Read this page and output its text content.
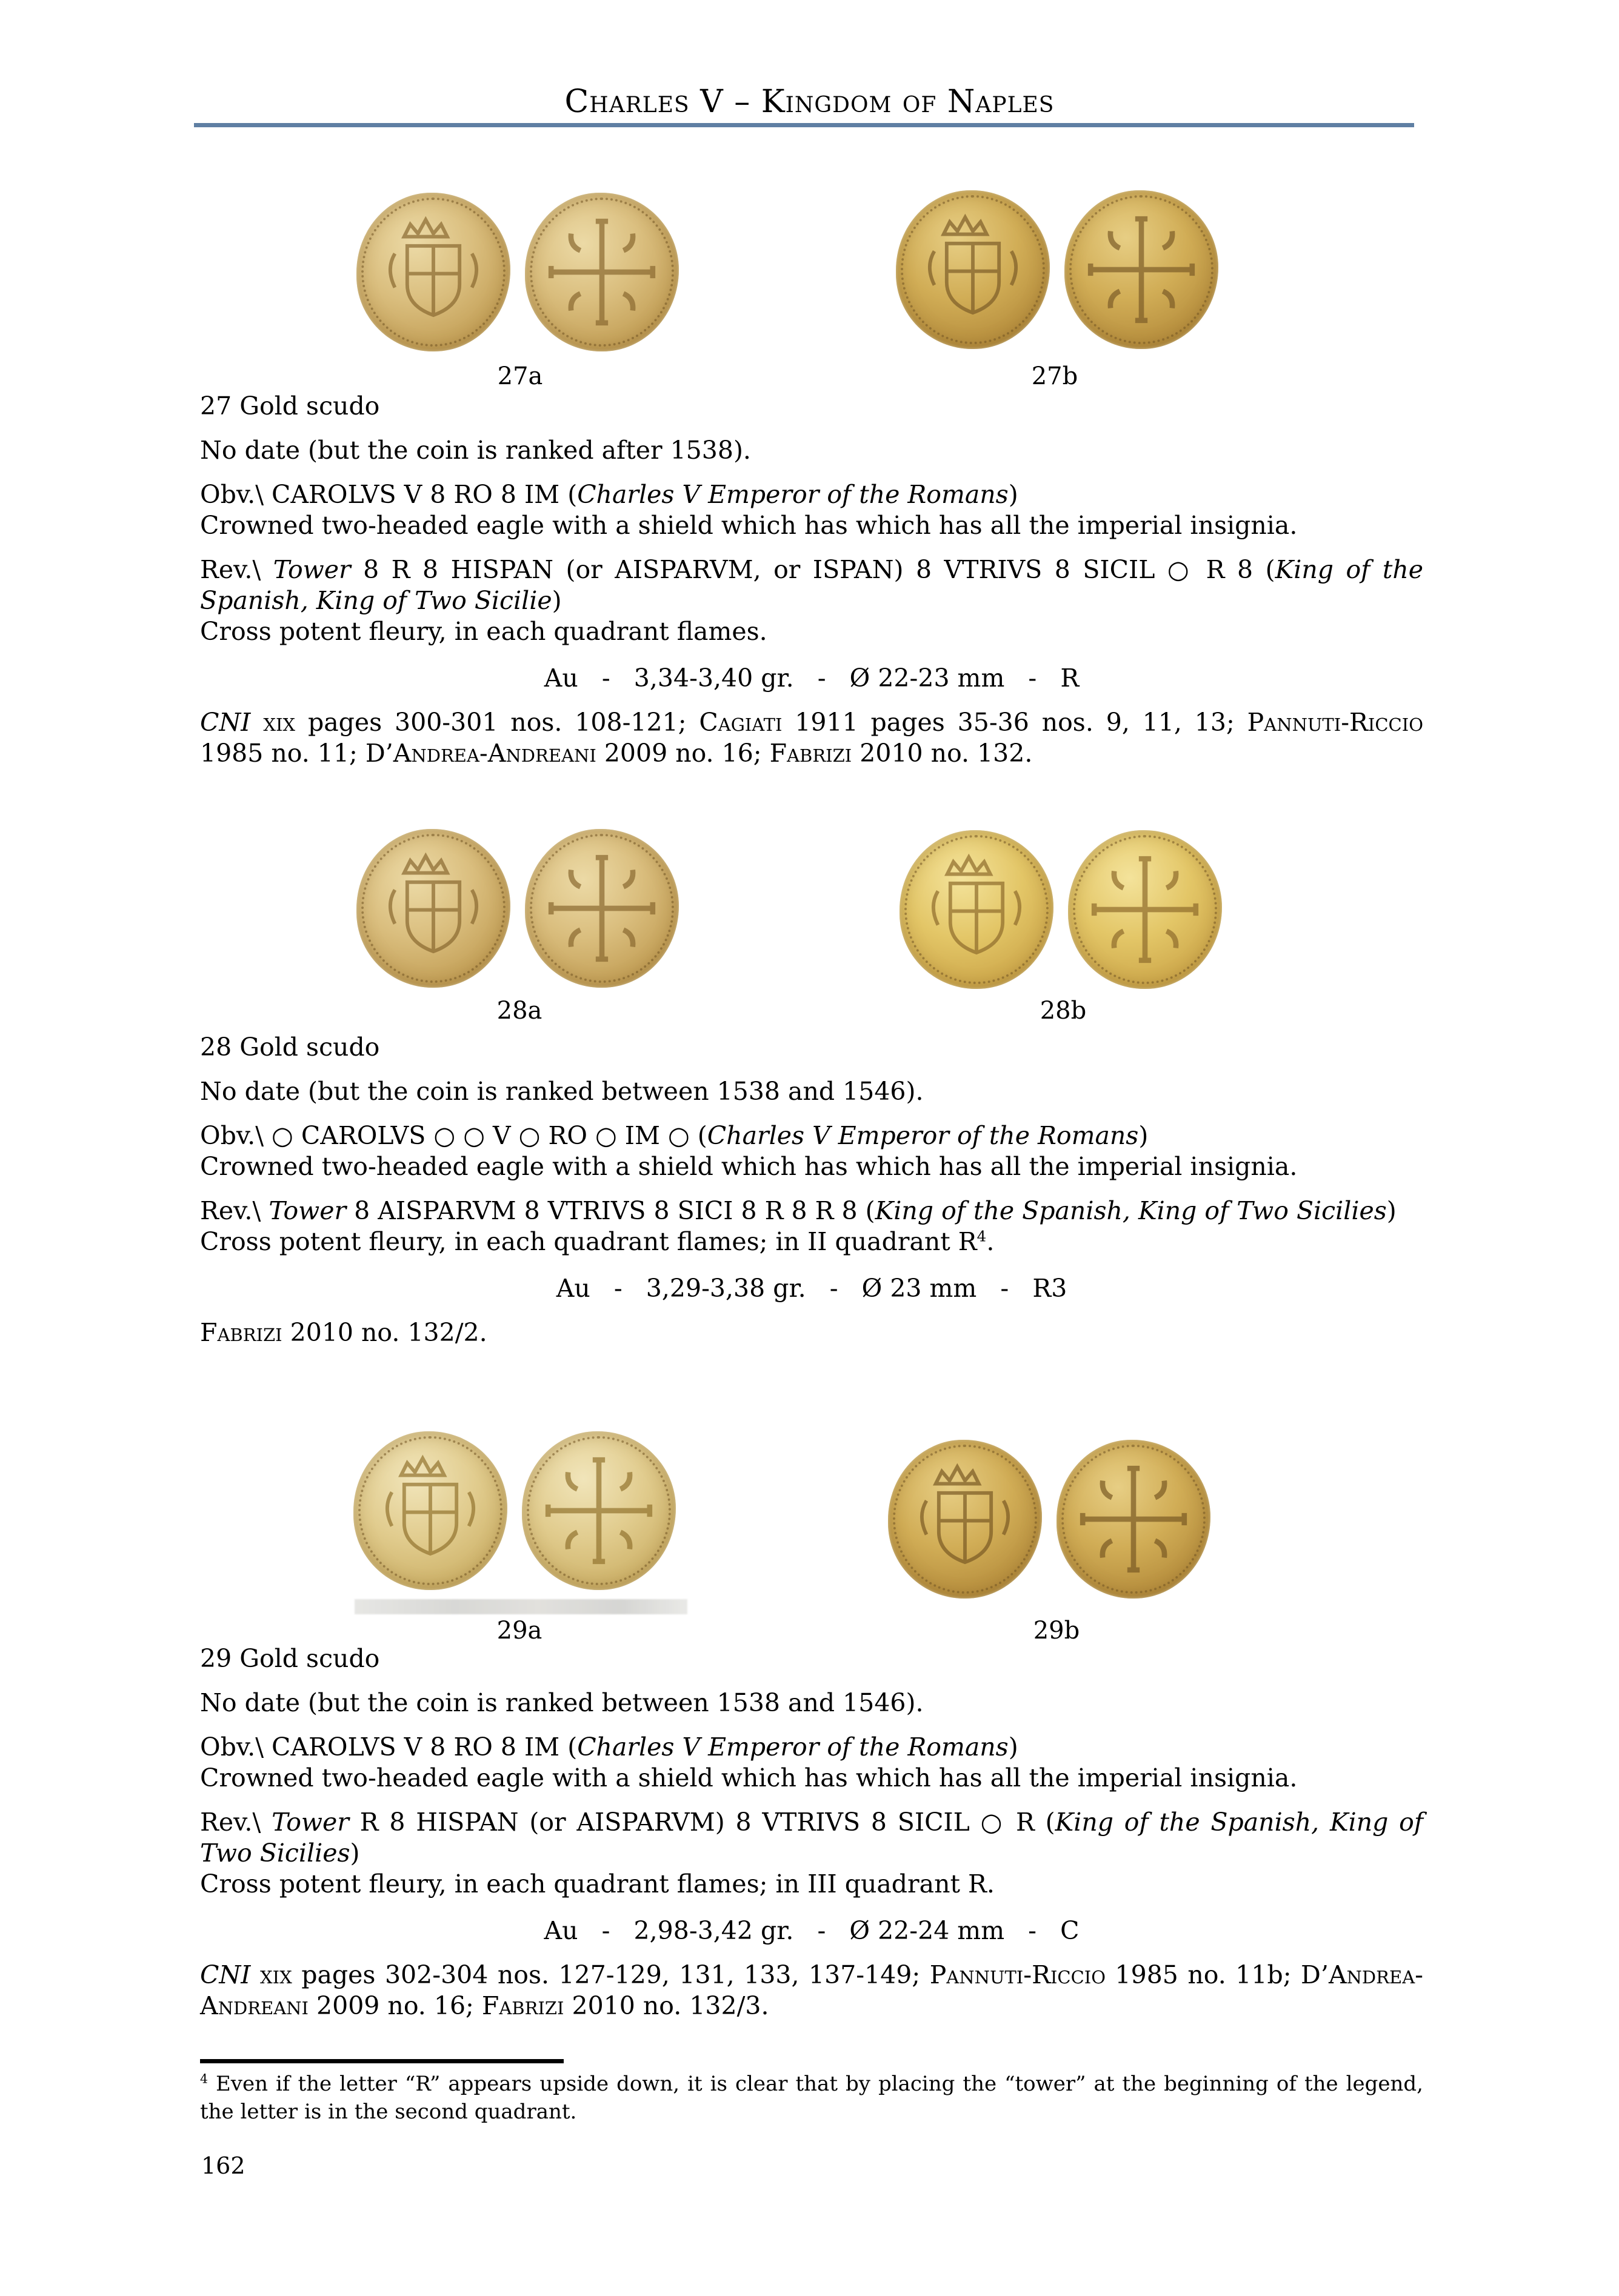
Charles V – Kingdom of Naples
27a	27b

27 Gold scudo

No date (but the coin is ranked after 1538).

Obv.\ CAROLVS V 8 RO 8 IM (Charles V Emperor of the Romans)

Crowned two-headed eagle with a shield which has which has all the imperial insignia.

Rev.\ Tower 8 R 8 HISPAN (or AISPARVM, or ISPAN) 8 VTRIVS 8 SICIL ○ R 8 (King of the Spanish, King of Two Sicilie)

Cross potent fleury, in each quadrant flames.

Au   -   3,34-3,40 gr.   -   Ø 22-23 mm   -   R

CNI xix pages 300-301 nos. 108-121; Cagiati 1911 pages 35-36 nos. 9, 11, 13; Pannuti-Riccio 1985 no. 11; D’Andrea-Andreani 2009 no. 16; Fabrizi 2010 no. 132.

28a	28b

28 Gold scudo

No date (but the coin is ranked between 1538 and 1546).

Obv.\ ○ CAROLVS ○ ○ V ○ RO ○ IM ○ (Charles V Emperor of the Romans)

Crowned two-headed eagle with a shield which has which has all the imperial insignia.

Rev.\ Tower 8 AISPARVM 8 VTRIVS 8 SICI 8 R 8 R 8 (King of the Spanish, King of Two Sicilies)

Cross potent fleury, in each quadrant flames; in II quadrant R$^4$.

Au   -   3,29-3,38 gr.   -   Ø 23 mm   -   R3

Fabrizi 2010 no. 132/2.

29a	29b

29 Gold scudo

No date (but the coin is ranked between 1538 and 1546).

Obv.\ CAROLVS V 8 RO 8 IM (Charles V Emperor of the Romans)

Crowned two-headed eagle with a shield which has which has all the imperial insignia.

Rev.\ Tower R 8 HISPAN (or AISPARVM) 8 VTRIVS 8 SICIL ○ R (King of the Spanish, King of Two Sicilies)

Cross potent fleury, in each quadrant flames; in III quadrant R.

Au   -   2,98-3,42 gr.   -   Ø 22-24 mm   -   C

CNI xix pages 302-304 nos. 127-129, 131, 133, 137-149; Pannuti-Riccio 1985 no. 11b; D’Andrea-Andreani 2009 no. 16; Fabrizi 2010 no. 132/3.

$^4$ Even if the letter “R” appears upside down, it is clear that by placing the “tower” at the beginning of the legend, the letter is in the second quadrant.
162
